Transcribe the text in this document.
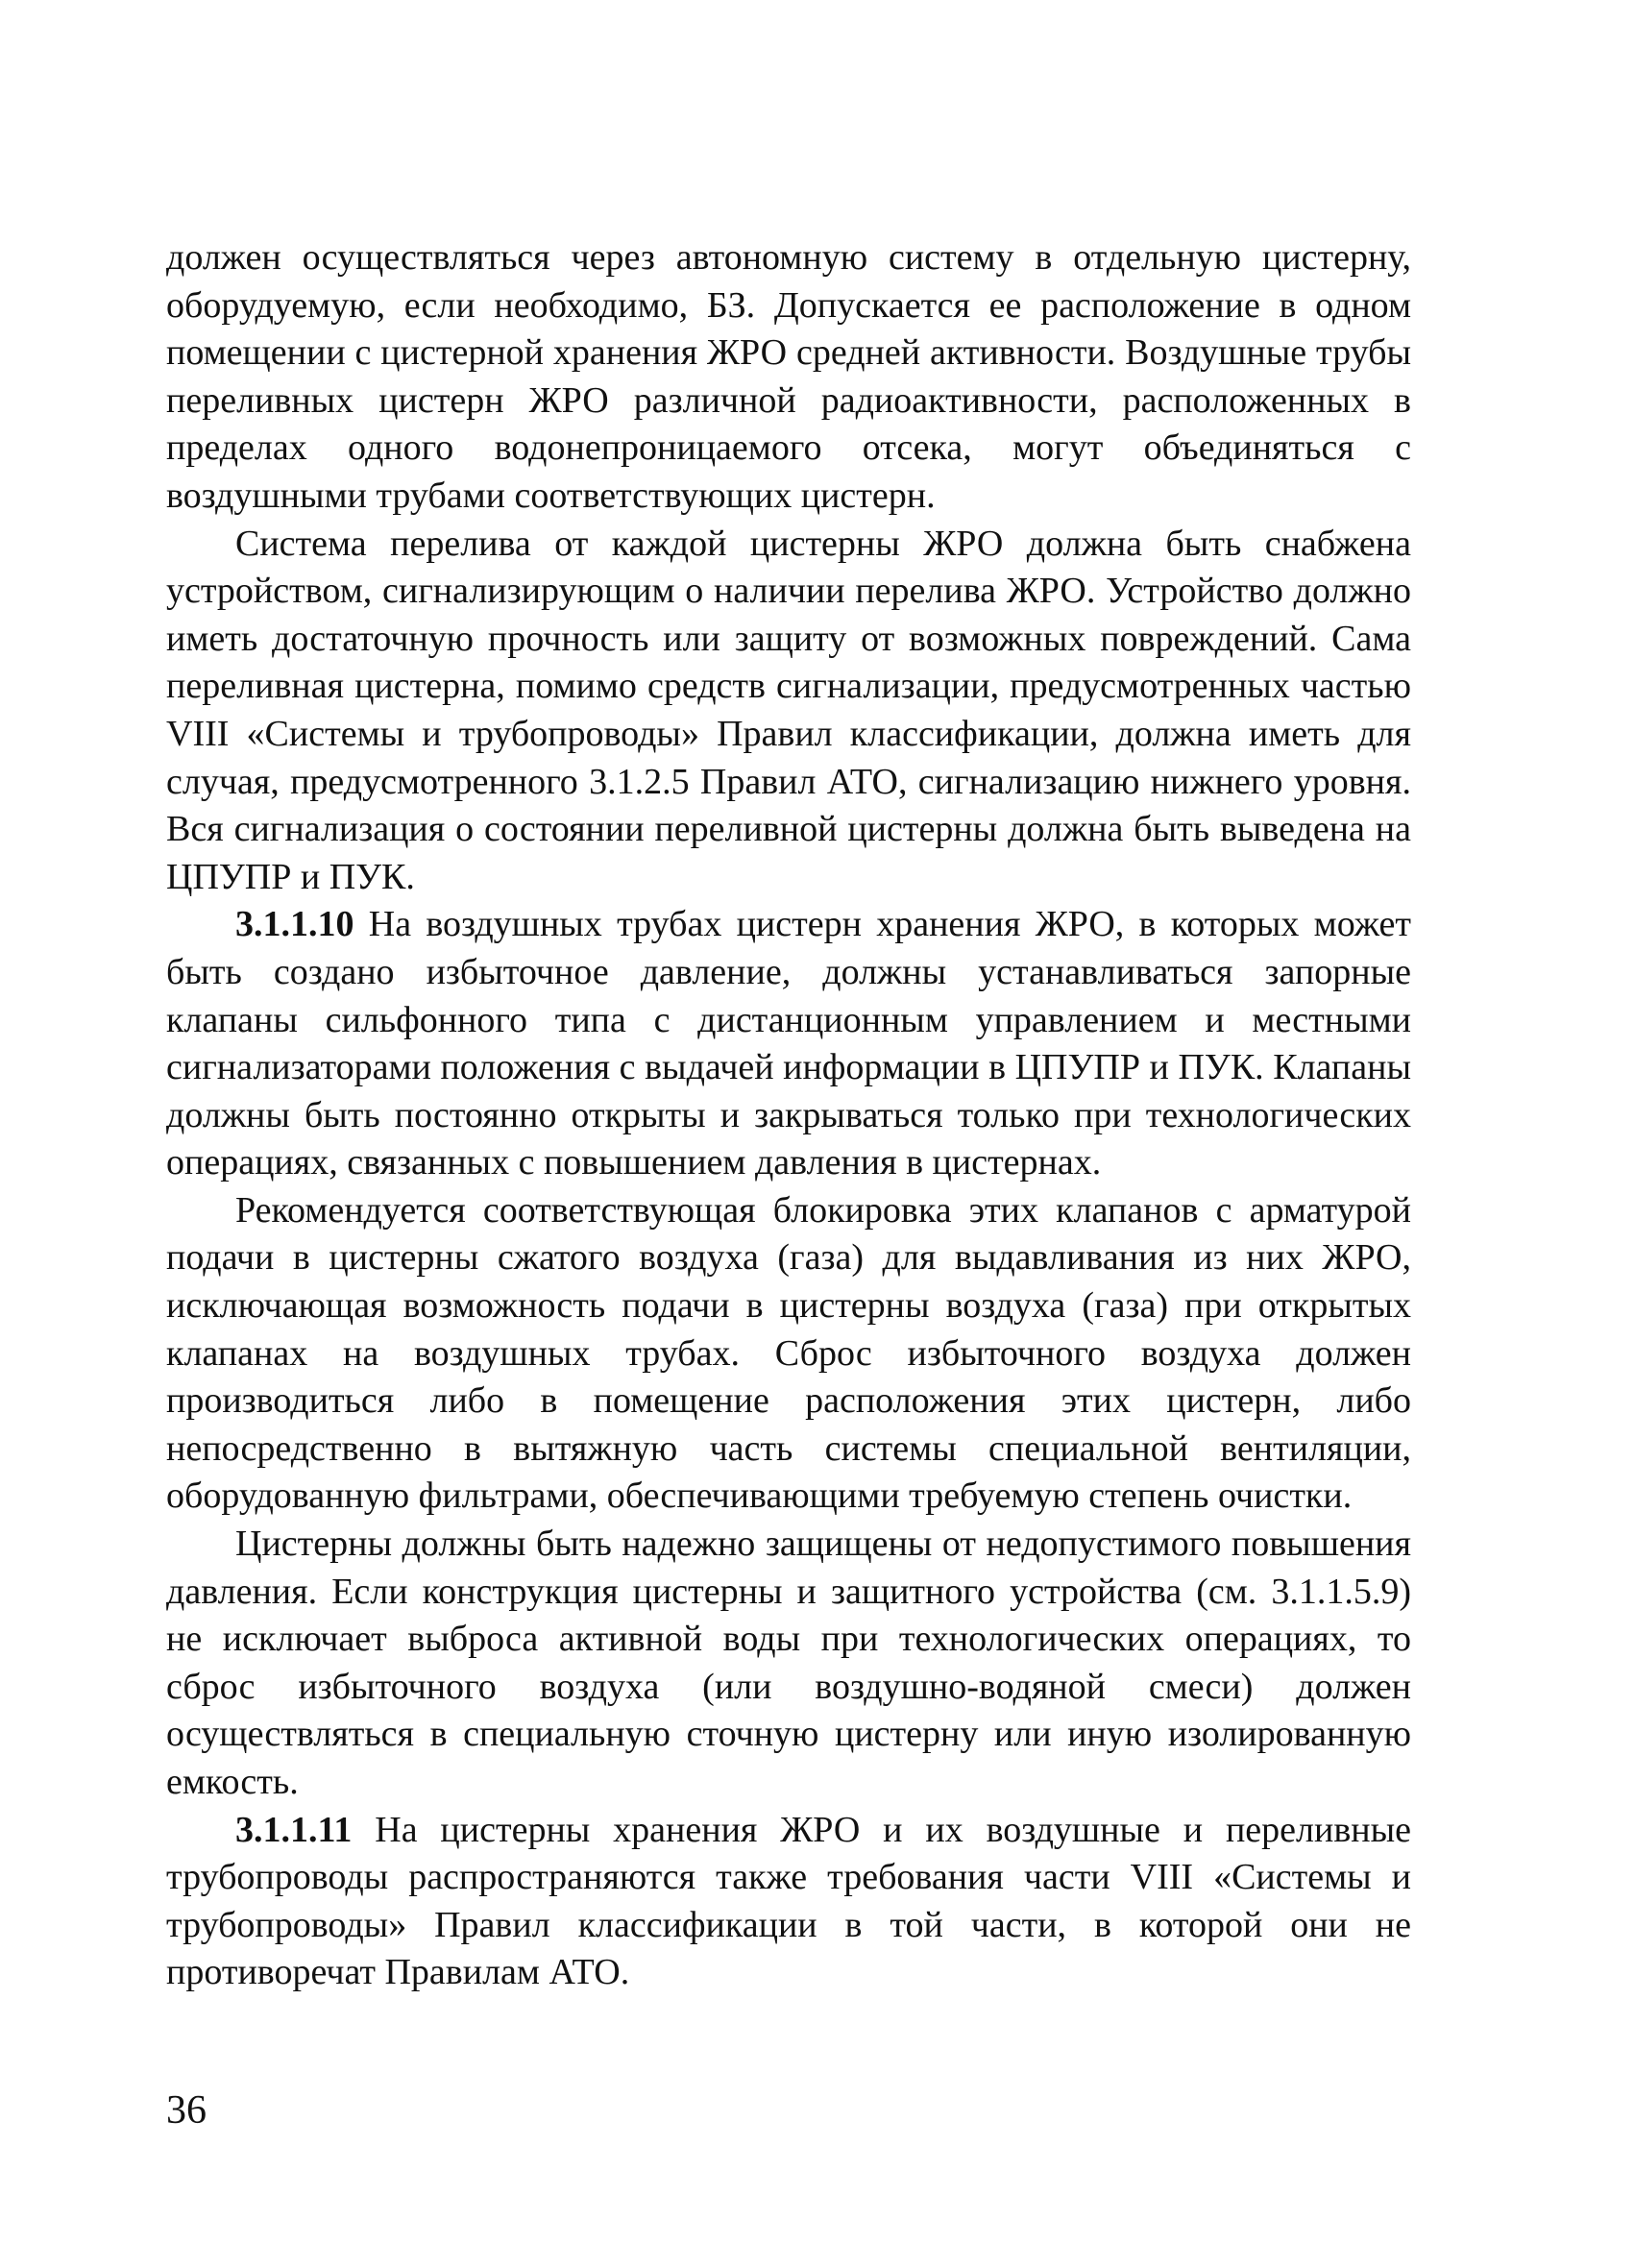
должен осуществляться через автономную систему в отдельную цистерну, оборудуемую, если необходимо, БЗ. Допускается ее расположение в одном помещении с цистерной хранения ЖРО средней активности. Воздушные трубы переливных цистерн ЖРО различной радиоактивности, расположенных в пределах одного водонепроницаемого отсека, могут объединяться с воздушными трубами соответствующих цистерн.

Система перелива от каждой цистерны ЖРО должна быть снабжена устройством, сигнализирующим о наличии перелива ЖРО. Устройство должно иметь достаточную прочность или защиту от возможных повреждений. Сама переливная цистерна, помимо средств сигнализации, предусмотренных частью VIII «Системы и трубопроводы» Правил классификации, должна иметь для случая, предусмотренного 3.1.2.5 Правил АТО, сигнализацию нижнего уровня. Вся сигнализация о состоянии переливной цистерны должна быть выведена на ЦПУПР и ПУК.

3.1.1.10 На воздушных трубах цистерн хранения ЖРО, в которых может быть создано избыточное давление, должны устанавливаться запорные клапаны сильфонного типа с дистанционным управлением и местными сигнализаторами положения с выдачей информации в ЦПУПР и ПУК. Клапаны должны быть постоянно открыты и закрываться только при технологических операциях, связанных с повышением давления в цистернах.

Рекомендуется соответствующая блокировка этих клапанов с арматурой подачи в цистерны сжатого воздуха (газа) для выдавливания из них ЖРО, исключающая возможность подачи в цистерны воздуха (газа) при открытых клапанах на воздушных трубах. Сброс избыточного воздуха должен производиться либо в помещение расположения этих цистерн, либо непосредственно в вытяжную часть системы специальной вентиляции, оборудованную фильтрами, обеспечивающими требуемую степень очистки.

Цистерны должны быть надежно защищены от недопустимого повышения давления. Если конструкция цистерны и защитного устройства (см. 3.1.1.5.9) не исключает выброса активной воды при технологических операциях, то сброс избыточного воздуха (или воздушно-водяной смеси) должен осуществляться в специальную сточную цистерну или иную изолированную емкость.

3.1.1.11 На цистерны хранения ЖРО и их воздушные и переливные трубопроводы распространяются также требования части VIII «Системы и трубопроводы» Правил классификации в той части, в которой они не противоречат Правилам АТО.

36
